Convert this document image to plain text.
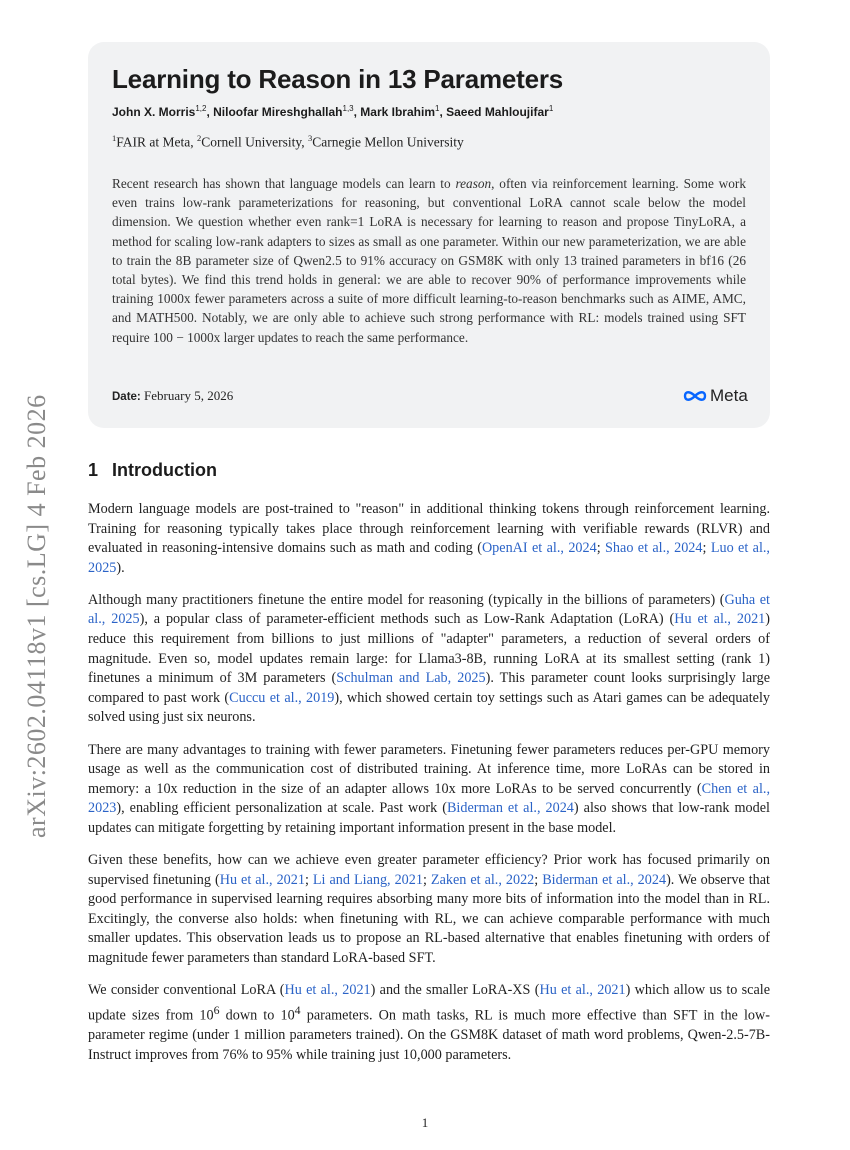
arXiv:2602.04118v1 [cs.LG] 4 Feb 2026
Learning to Reason in 13 Parameters
John X. Morris$^{1,2}$, Niloofar Mireshghallah$^{1,3}$, Mark Ibrahim$^1$, Saeed Mahloujifar$^1$
$^1$FAIR at Meta, $^2$Cornell University, $^3$Carnegie Mellon University

Recent research has shown that language models can learn to reason, often via reinforcement learning. Some work even trains low-rank parameterizations for reasoning, but conventional LoRA cannot scale below the model dimension. We question whether even rank=1 LoRA is necessary for learning to reason and propose TinyLoRA, a method for scaling low-rank adapters to sizes as small as one parameter. Within our new parameterization, we are able to train the 8B parameter size of Qwen2.5 to 91% accuracy on GSM8K with only 13 trained parameters in bf16 (26 total bytes). We find this trend holds in general: we are able to recover 90% of performance improvements while training 1000x fewer parameters across a suite of more difficult learning-to-reason benchmarks such as AIME, AMC, and MATH500. Notably, we are only able to achieve such strong performance with RL: models trained using SFT require 100 − 1000x larger updates to reach the same performance.

Date: February 5, 2026	Meta
1 Introduction

Modern language models are post-trained to "reason" in additional thinking tokens through reinforcement learning. Training for reasoning typically takes place through reinforcement learning with verifiable rewards (RLVR) and evaluated in reasoning-intensive domains such as math and coding (OpenAI et al., 2024; Shao et al., 2024; Luo et al., 2025).

Although many practitioners finetune the entire model for reasoning (typically in the billions of parameters) (Guha et al., 2025), a popular class of parameter-efficient methods such as Low-Rank Adaptation (LoRA) (Hu et al., 2021) reduce this requirement from billions to just millions of "adapter" parameters, a reduction of several orders of magnitude. Even so, model updates remain large: for Llama3-8B, running LoRA at its smallest setting (rank 1) finetunes a minimum of 3M parameters (Schulman and Lab, 2025). This parameter count looks surprisingly large compared to past work (Cuccu et al., 2019), which showed certain toy settings such as Atari games can be adequately solved using just six neurons.

There are many advantages to training with fewer parameters. Finetuning fewer parameters reduces per-GPU memory usage as well as the communication cost of distributed training. At inference time, more LoRAs can be stored in memory: a 10x reduction in the size of an adapter allows 10x more LoRAs to be served concurrently (Chen et al., 2023), enabling efficient personalization at scale. Past work (Biderman et al., 2024) also shows that low-rank model updates can mitigate forgetting by retaining important information present in the base model.

Given these benefits, how can we achieve even greater parameter efficiency? Prior work has focused primarily on supervised finetuning (Hu et al., 2021; Li and Liang, 2021; Zaken et al., 2022; Biderman et al., 2024). We observe that good performance in supervised learning requires absorbing many more bits of information into the model than in RL. Excitingly, the converse also holds: when finetuning with RL, we can achieve comparable performance with much smaller updates. This observation leads us to propose an RL-based alternative that enables finetuning with orders of magnitude fewer parameters than standard LoRA-based SFT.

We consider conventional LoRA (Hu et al., 2021) and the smaller LoRA-XS (Hu et al., 2021) which allow us to scale update sizes from $10^6$ down to $10^4$ parameters. On math tasks, RL is much more effective than SFT in the low-parameter regime (under 1 million parameters trained). On the GSM8K dataset of math word problems, Qwen-2.5-7B-Instruct improves from 76% to 95% while training just 10,000 parameters.

1
